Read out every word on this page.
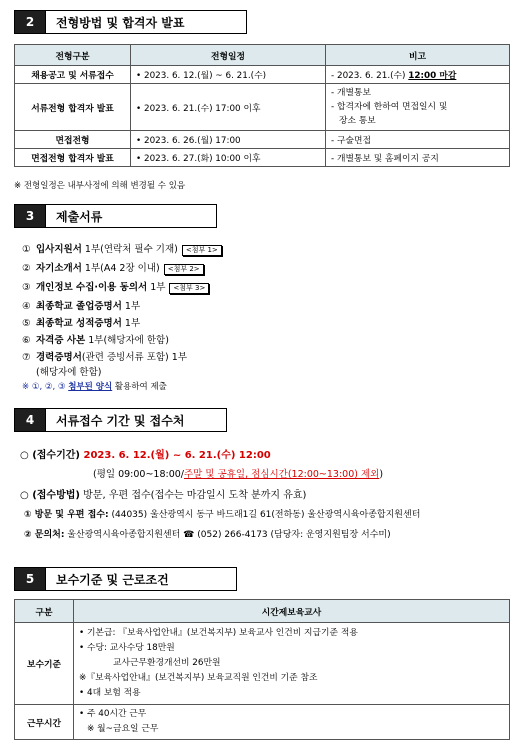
2	전형방법 및 합격자 발표
전형구분	전형일정	비고
채용공고 및 서류접수	• 2023. 6. 12.(월) ~ 6. 21.(수)	- 2023. 6. 21.(수) 12:00 마감
서류전형 합격자 발표	• 2023. 6. 21.(수) 17:00 이후	- 개별통보
- 합격자에 한하여 면접일시 및
장소 통보

면접전형	• 2023. 6. 26.(월) 17:00	- 구술면접
면접전형 합격자 발표	• 2023. 6. 27.(화) 10:00 이후	- 개별통보 및 홈페이지 공지
※ 전형일정은 내부사정에 의해 변경될 수 있음
3	제출서류
① 입사지원서 1부(연락처 필수 기재) <첨부 1>
② 자기소개서 1부(A4 2장 이내) <첨부 2>
③ 개인정보 수집·이용 동의서 1부 <첨부 3>
④ 최종학교 졸업증명서 1부
⑤ 최종학교 성적증명서 1부
⑥ 자격증 사본 1부(해당자에 한함)
⑦ 경력증명서(관련 증빙서류 포함) 1부
(해당자에 한함)
※ ①, ②, ③ 첨부된 양식 활용하여 제출
4	서류접수 기간 및 접수처
○ (접수기간) 2023. 6. 12.(월) ~ 6. 21.(수) 12:00
(평일 09:00~18:00/주말 및 공휴일, 점심시간(12:00~13:00) 제외)
○ (접수방법) 방문, 우편 접수(접수는 마감일시 도착 분까지 유효)
① 방문 및 우편 접수: (44035) 울산광역시 동구 바드래1길 61(전하동) 울산광역시육아종합지원센터
② 문의처: 울산광역시육아종합지원센터 ☎ (052) 266-4173 (담당자: 운영지원팀장 서수미)
5	보수기준 및 근로조건
구분	시간제보육교사
보수기준	• 기본급: 『보육사업안내』(보건복지부) 보육교사 인건비 지급기준 적용
• 수당: 교사수당 18만원
교사근무환경개선비 26만원
※『보육사업안내』(보건복지부) 보육교직원 인건비 기준 참조
• 4대 보험 적용

근무시간	• 주 40시간 근무
※ 월~금요일 근무
